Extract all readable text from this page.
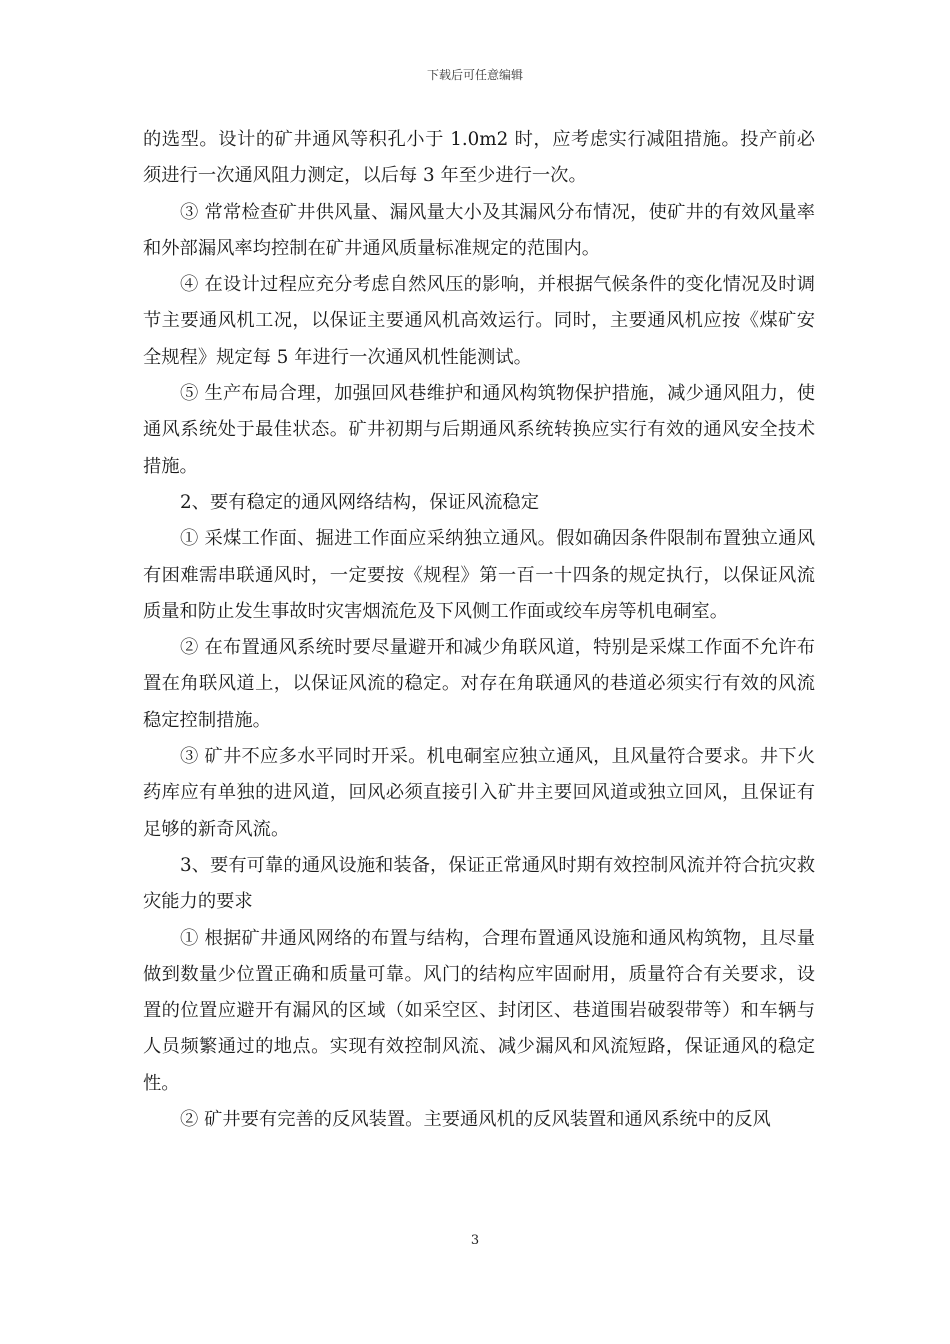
下载后可任意编辑

的选型。设计的矿井通风等积孔小于 1.0m2 时，应考虑实行减阻措施。投产前必须进行一次通风阻力测定，以后每 3 年至少进行一次。

③ 常常检查矿井供风量、漏风量大小及其漏风分布情况，使矿井的有效风量率和外部漏风率均控制在矿井通风质量标准规定的范围内。

④ 在设计过程应充分考虑自然风压的影响，并根据气候条件的变化情况及时调节主要通风机工况，以保证主要通风机高效运行。同时，主要通风机应按《煤矿安全规程》规定每 5 年进行一次通风机性能测试。

⑤ 生产布局合理，加强回风巷维护和通风构筑物保护措施，减少通风阻力，使通风系统处于最佳状态。矿井初期与后期通风系统转换应实行有效的通风安全技术措施。

2、要有稳定的通风网络结构，保证风流稳定

① 采煤工作面、掘进工作面应采纳独立通风。假如确因条件限制布置独立通风有困难需串联通风时，一定要按《规程》第一百一十四条的规定执行，以保证风流质量和防止发生事故时灾害烟流危及下风侧工作面或绞车房等机电硐室。

② 在布置通风系统时要尽量避开和减少角联风道，特别是采煤工作面不允许布置在角联风道上，以保证风流的稳定。对存在角联通风的巷道必须实行有效的风流稳定控制措施。

③ 矿井不应多水平同时开采。机电硐室应独立通风，且风量符合要求。井下火药库应有单独的进风道，回风必须直接引入矿井主要回风道或独立回风，且保证有足够的新奇风流。

3、要有可靠的通风设施和装备，保证正常通风时期有效控制风流并符合抗灾救灾能力的要求

① 根据矿井通风网络的布置与结构，合理布置通风设施和通风构筑物，且尽量做到数量少位置正确和质量可靠。风门的结构应牢固耐用，质量符合有关要求，设置的位置应避开有漏风的区域（如采空区、封闭区、巷道围岩破裂带等）和车辆与人员频繁通过的地点。实现有效控制风流、减少漏风和风流短路，保证通风的稳定性。

② 矿井要有完善的反风装置。主要通风机的反风装置和通风系统中的反风

3
